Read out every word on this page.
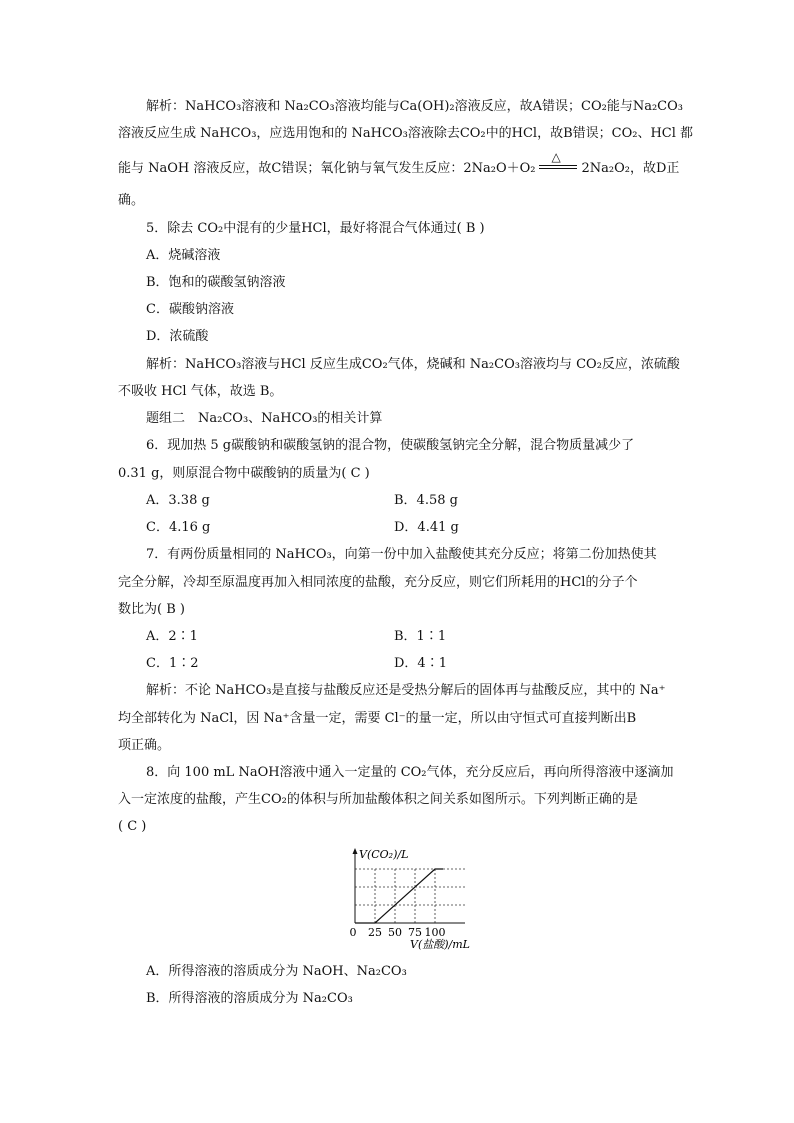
解析：NaHCO₃溶液和 Na₂CO₃溶液均能与Ca(OH)₂溶液反应，故A错误；CO₂能与Na₂CO₃
溶液反应生成 NaHCO₃，应选用饱和的 NaHCO₃溶液除去CO₂中的HCl，故B错误；CO₂、HCl 都
能与 NaOH 溶液反应，故C错误；氧化钠与氧气发生反应：2Na₂O＋O₂
△
2Na₂O₂，故D正
确。
5．除去 CO₂中混有的少量HCl，最好将混合气体通过( B )
A．烧碱溶液
B．饱和的碳酸氢钠溶液
C．碳酸钠溶液
D．浓硫酸
解析：NaHCO₃溶液与HCl 反应生成CO₂气体，烧碱和 Na₂CO₃溶液均与 CO₂反应，浓硫酸
不吸收 HCl 气体，故选 B。
题组二　Na₂CO₃、NaHCO₃的相关计算
6．现加热 5 g碳酸钠和碳酸氢钠的混合物，使碳酸氢钠完全分解，混合物质量减少了
0.31 g，则原混合物中碳酸钠的质量为( C )
A．3.38 g	B．4.58 g
C．4.16 g	D．4.41 g
7．有两份质量相同的 NaHCO₃，向第一份中加入盐酸使其充分反应；将第二份加热使其
完全分解，冷却至原温度再加入相同浓度的盐酸，充分反应，则它们所耗用的HCl的分子个
数比为( B )
A．2∶1	B．1∶1
C．1∶2	D．4∶1
解析：不论 NaHCO₃是直接与盐酸反应还是受热分解后的固体再与盐酸反应，其中的 Na⁺
均全部转化为 NaCl，因 Na⁺含量一定，需要 Cl⁻的量一定，所以由守恒式可直接判断出B
项正确。
8．向 100 mL NaOH溶液中通入一定量的 CO₂气体，充分反应后，再向所得溶液中逐滴加
入一定浓度的盐酸，产生CO₂的体积与所加盐酸体积之间关系如图所示。下列判断正确的是
( C )
V(CO₂)/L
V(盐酸)/mL
0 25 50 75 100
A．所得溶液的溶质成分为 NaOH、Na₂CO₃
B．所得溶液的溶质成分为 Na₂CO₃
